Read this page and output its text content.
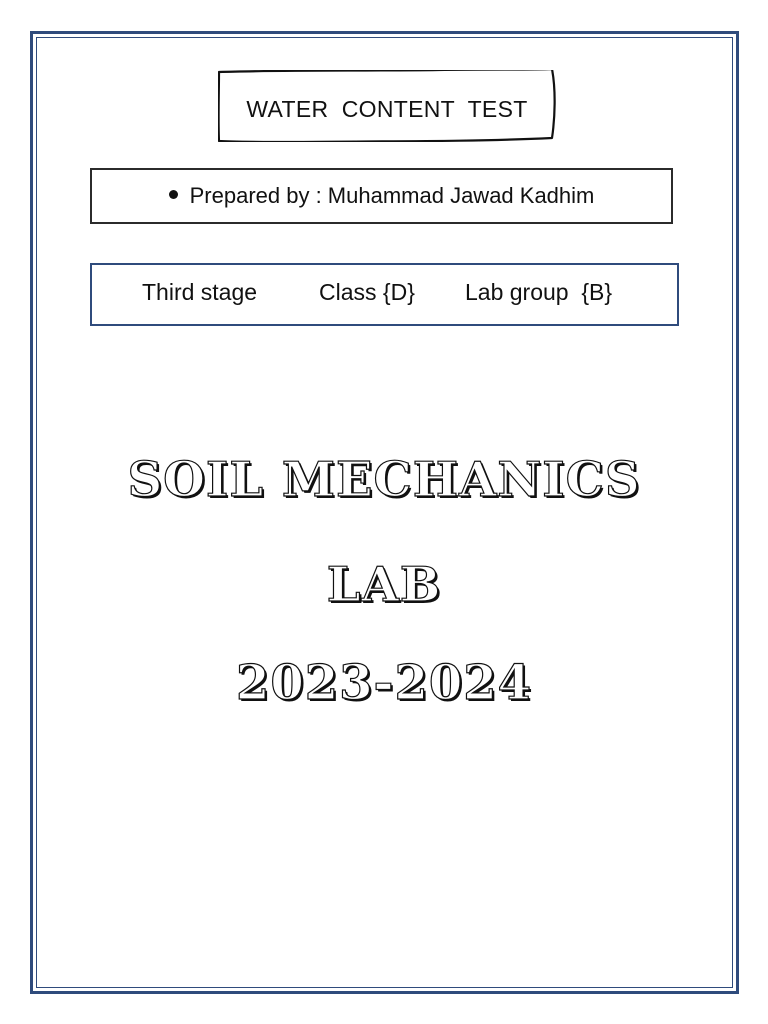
WATER  CONTENT  TEST
Prepared by : Muhammad Jawad Kadhim
Third stage	Class {D} Lab group  {B}
SOIL MECHANICS
LAB
2023-2024
